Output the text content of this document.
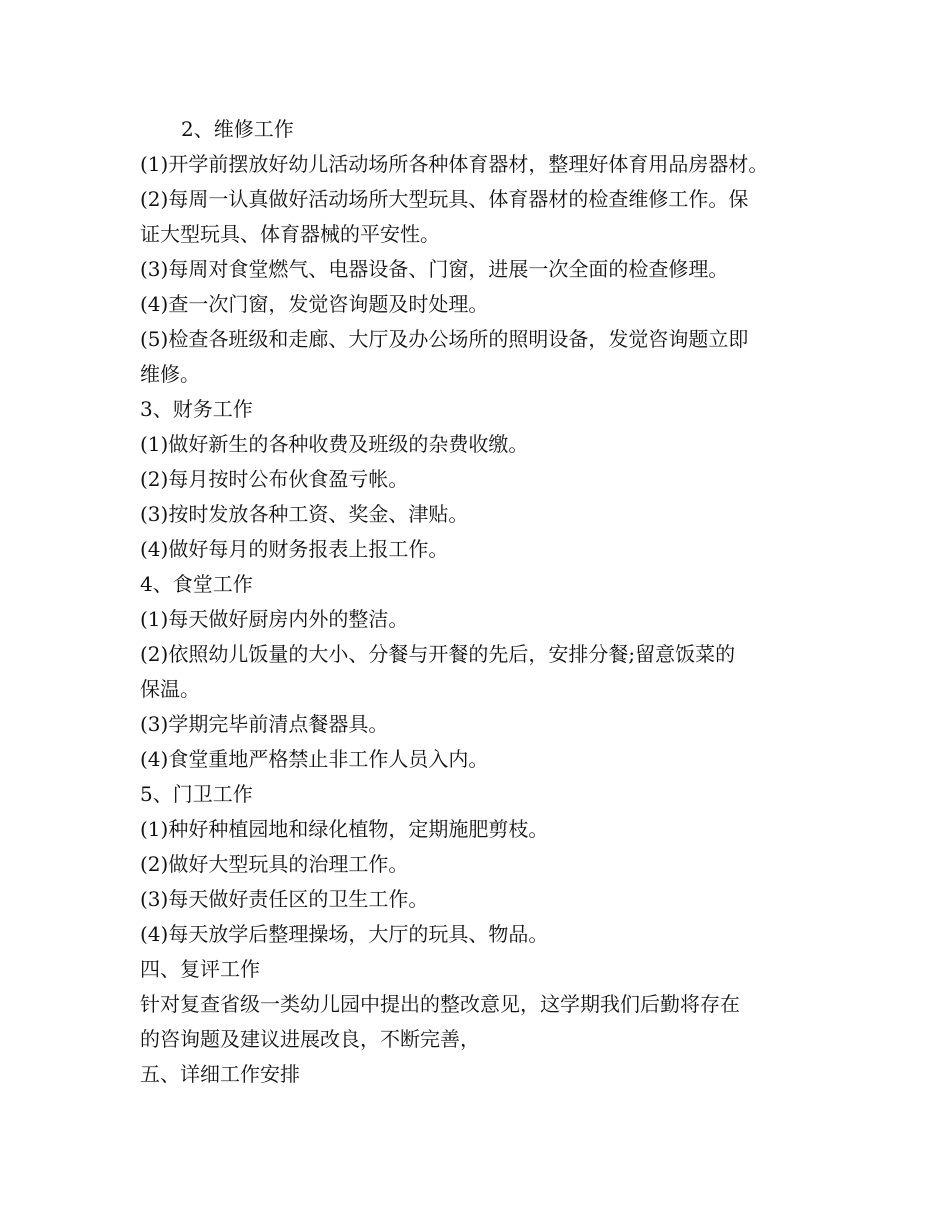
2、维修工作
(1)开学前摆放好幼儿活动场所各种体育器材，整理好体育用品房器材。
(2)每周一认真做好活动场所大型玩具、体育器材的检查维修工作。保
证大型玩具、体育器械的平安性。
(3)每周对食堂燃气、电器设备、门窗，进展一次全面的检查修理。
(4)查一次门窗，发觉咨询题及时处理。
(5)检查各班级和走廊、大厅及办公场所的照明设备，发觉咨询题立即
维修。
3、财务工作
(1)做好新生的各种收费及班级的杂费收缴。
(2)每月按时公布伙食盈亏帐。
(3)按时发放各种工资、奖金、津贴。
(4)做好每月的财务报表上报工作。
4、食堂工作
(1)每天做好厨房内外的整洁。
(2)依照幼儿饭量的大小、分餐与开餐的先后，安排分餐;留意饭菜的
保温。
(3)学期完毕前清点餐器具。
(4)食堂重地严格禁止非工作人员入内。
5、门卫工作
(1)种好种植园地和绿化植物，定期施肥剪枝。
(2)做好大型玩具的治理工作。
(3)每天做好责任区的卫生工作。
(4)每天放学后整理操场，大厅的玩具、物品。
四、复评工作
针对复查省级一类幼儿园中提出的整改意见，这学期我们后勤将存在
的咨询题及建议进展改良，不断完善，
五、详细工作安排
